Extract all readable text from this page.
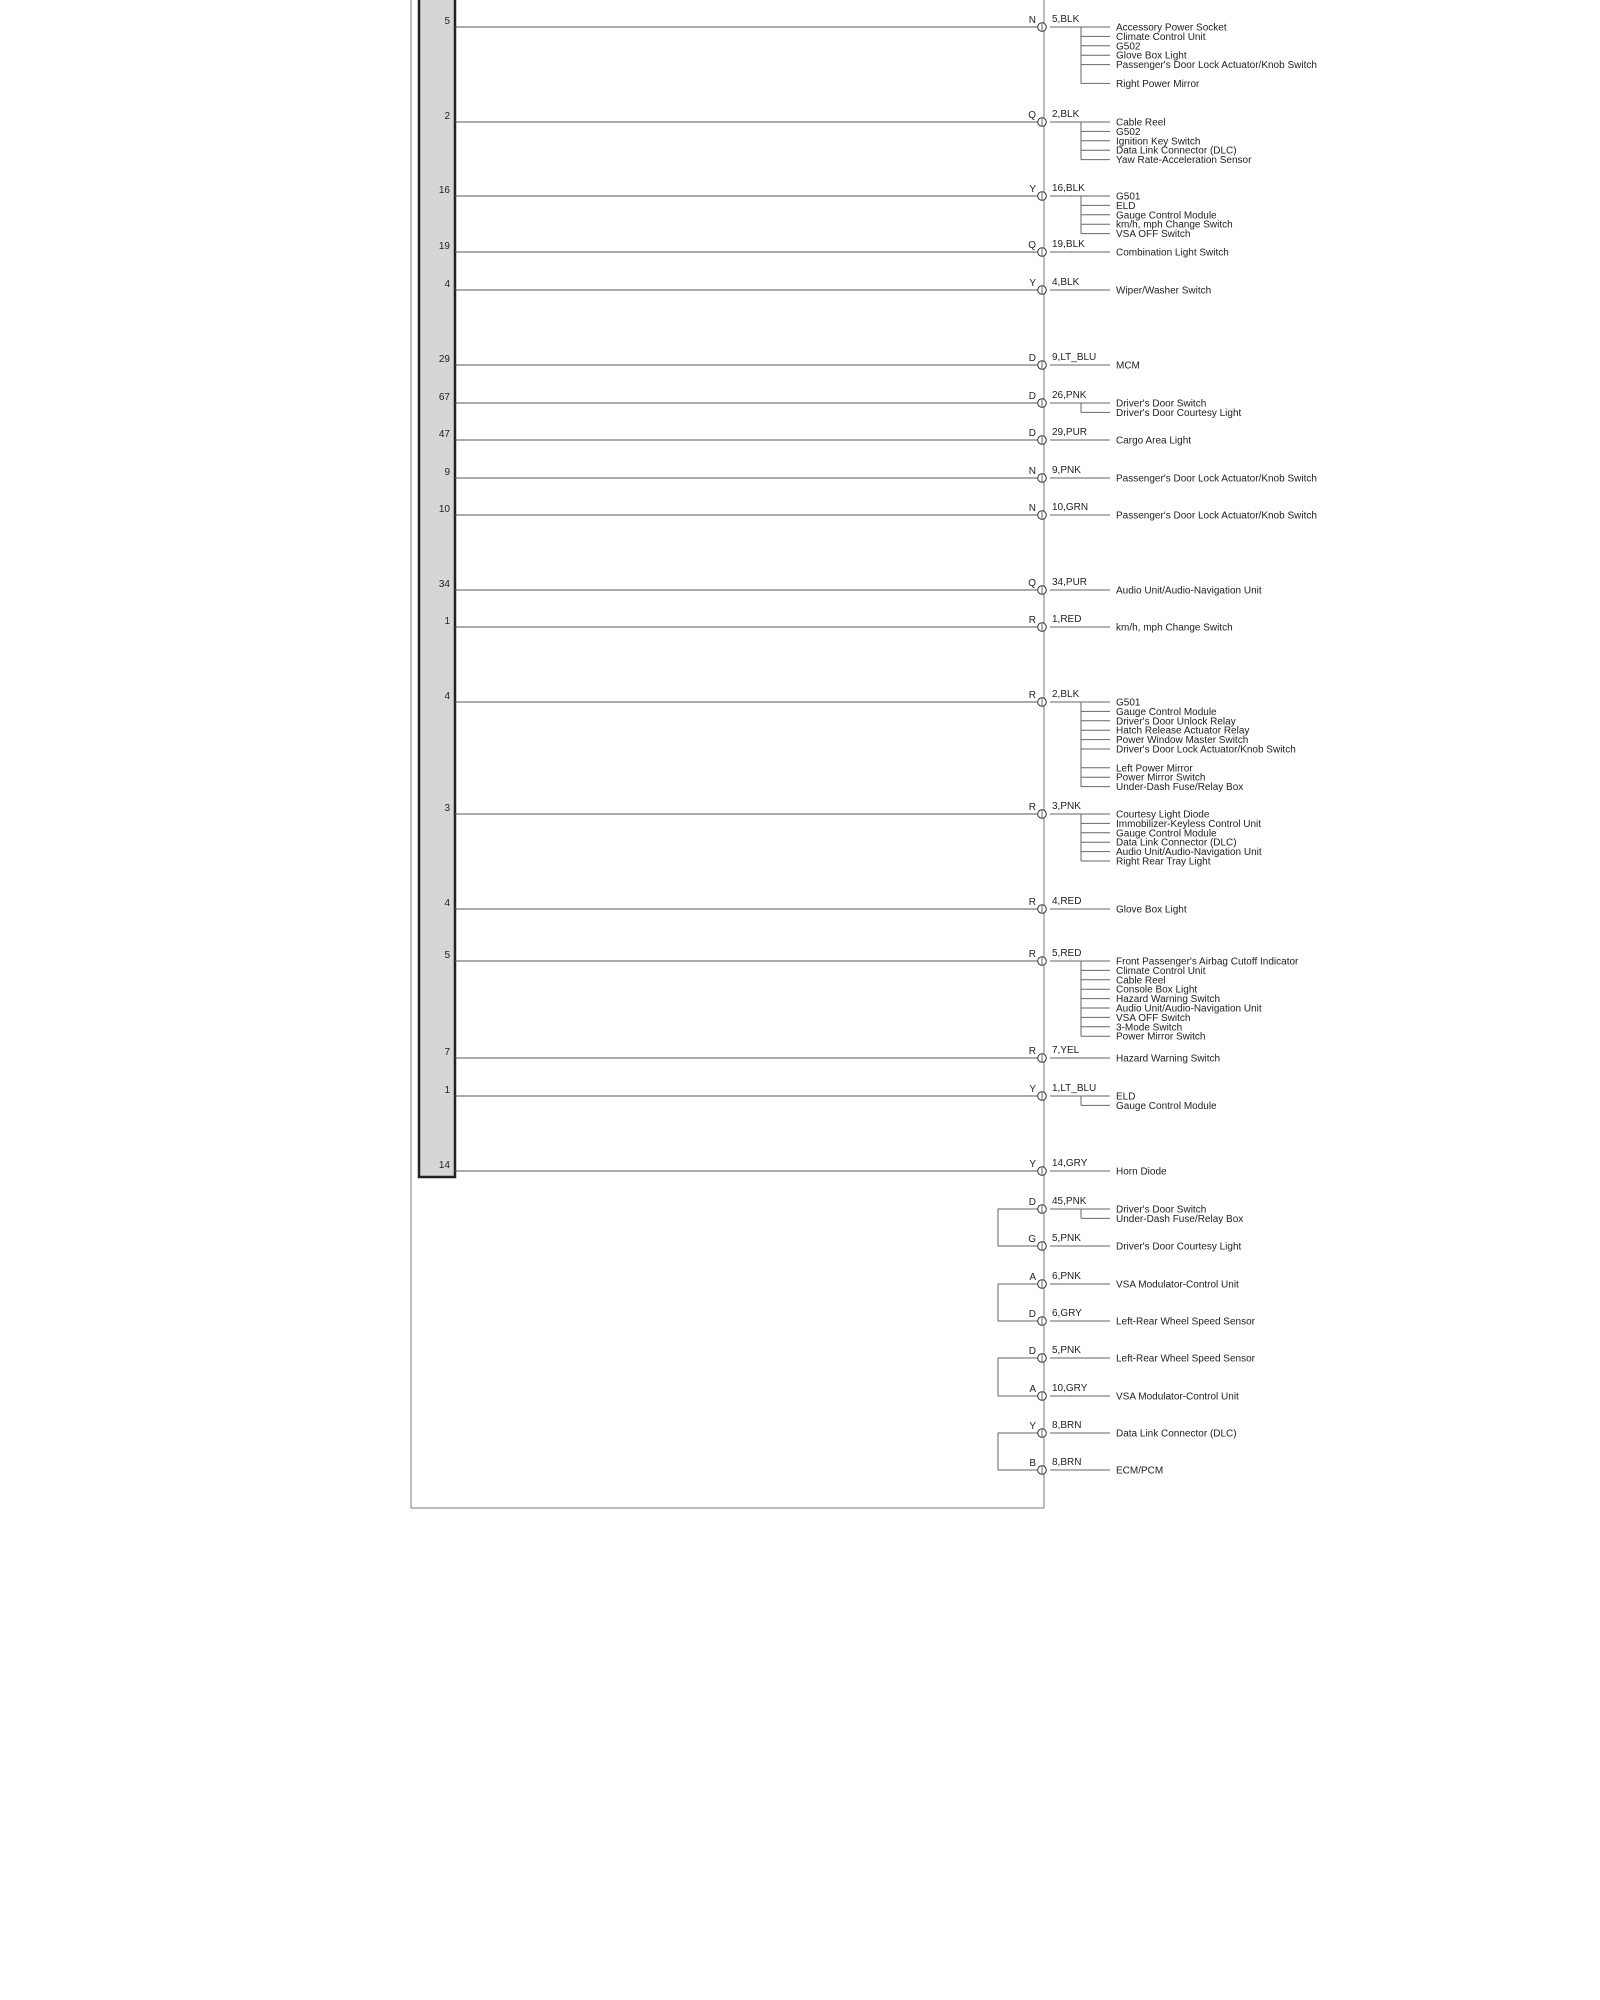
5	N 5,BLK
Accessory Power Socket
Climate Control Unit
G502
Glove Box Light
Passenger's Door Lock Actuator/Knob Switch
Right Power Mirror
2	Q 2,BLK
Cable Reel
G502
Ignition Key Switch
Data Link Connector (DLC)
Yaw Rate-Acceleration Sensor
16	Y 16,BLK
G501
ELD
Gauge Control Module
km/h, mph Change Switch
VSA OFF Switch
19	Q 19,BLK
Combination Light Switch
4	Y 4,BLK
Wiper/Washer Switch
29	D 9,LT_BLU
MCM
67	D 26,PNK
Driver's Door Switch
Driver's Door Courtesy Light
47	D 29,PUR
Cargo Area Light
9	N 9,PNK
Passenger's Door Lock Actuator/Knob Switch
10	N 10,GRN
Passenger's Door Lock Actuator/Knob Switch
34	Q 34,PUR
Audio Unit/Audio-Navigation Unit
1	R 1,RED
km/h, mph Change Switch
4	R 2,BLK
G501
Gauge Control Module
Driver's Door Unlock Relay
Hatch Release Actuator Relay
Power Window Master Switch
Driver's Door Lock Actuator/Knob Switch
Left Power Mirror
Power Mirror Switch
Under-Dash Fuse/Relay Box
3	R 3,PNK
Courtesy Light Diode
Immobilizer-Keyless Control Unit
Gauge Control Module
Data Link Connector (DLC)
Audio Unit/Audio-Navigation Unit
Right Rear Tray Light
4	R 4,RED
Glove Box Light
5	R 5,RED
Front Passenger's Airbag Cutoff Indicator
Climate Control Unit
Cable Reel
Console Box Light
Hazard Warning Switch
Audio Unit/Audio-Navigation Unit
VSA OFF Switch
3-Mode Switch
Power Mirror Switch
7	R 7,YEL
Hazard Warning Switch
1	Y 1,LT_BLU
ELD
Gauge Control Module
14	Y 14,GRY
Horn Diode
D 45,PNK
Driver's Door Switch
Under-Dash Fuse/Relay Box
G 5,PNK
Driver's Door Courtesy Light
A 6,PNK
VSA Modulator-Control Unit
D 6,GRY
Left-Rear Wheel Speed Sensor
D 5,PNK
Left-Rear Wheel Speed Sensor
A 10,GRY
VSA Modulator-Control Unit
Y 8,BRN
Data Link Connector (DLC)
B 8,BRN
ECM/PCM
